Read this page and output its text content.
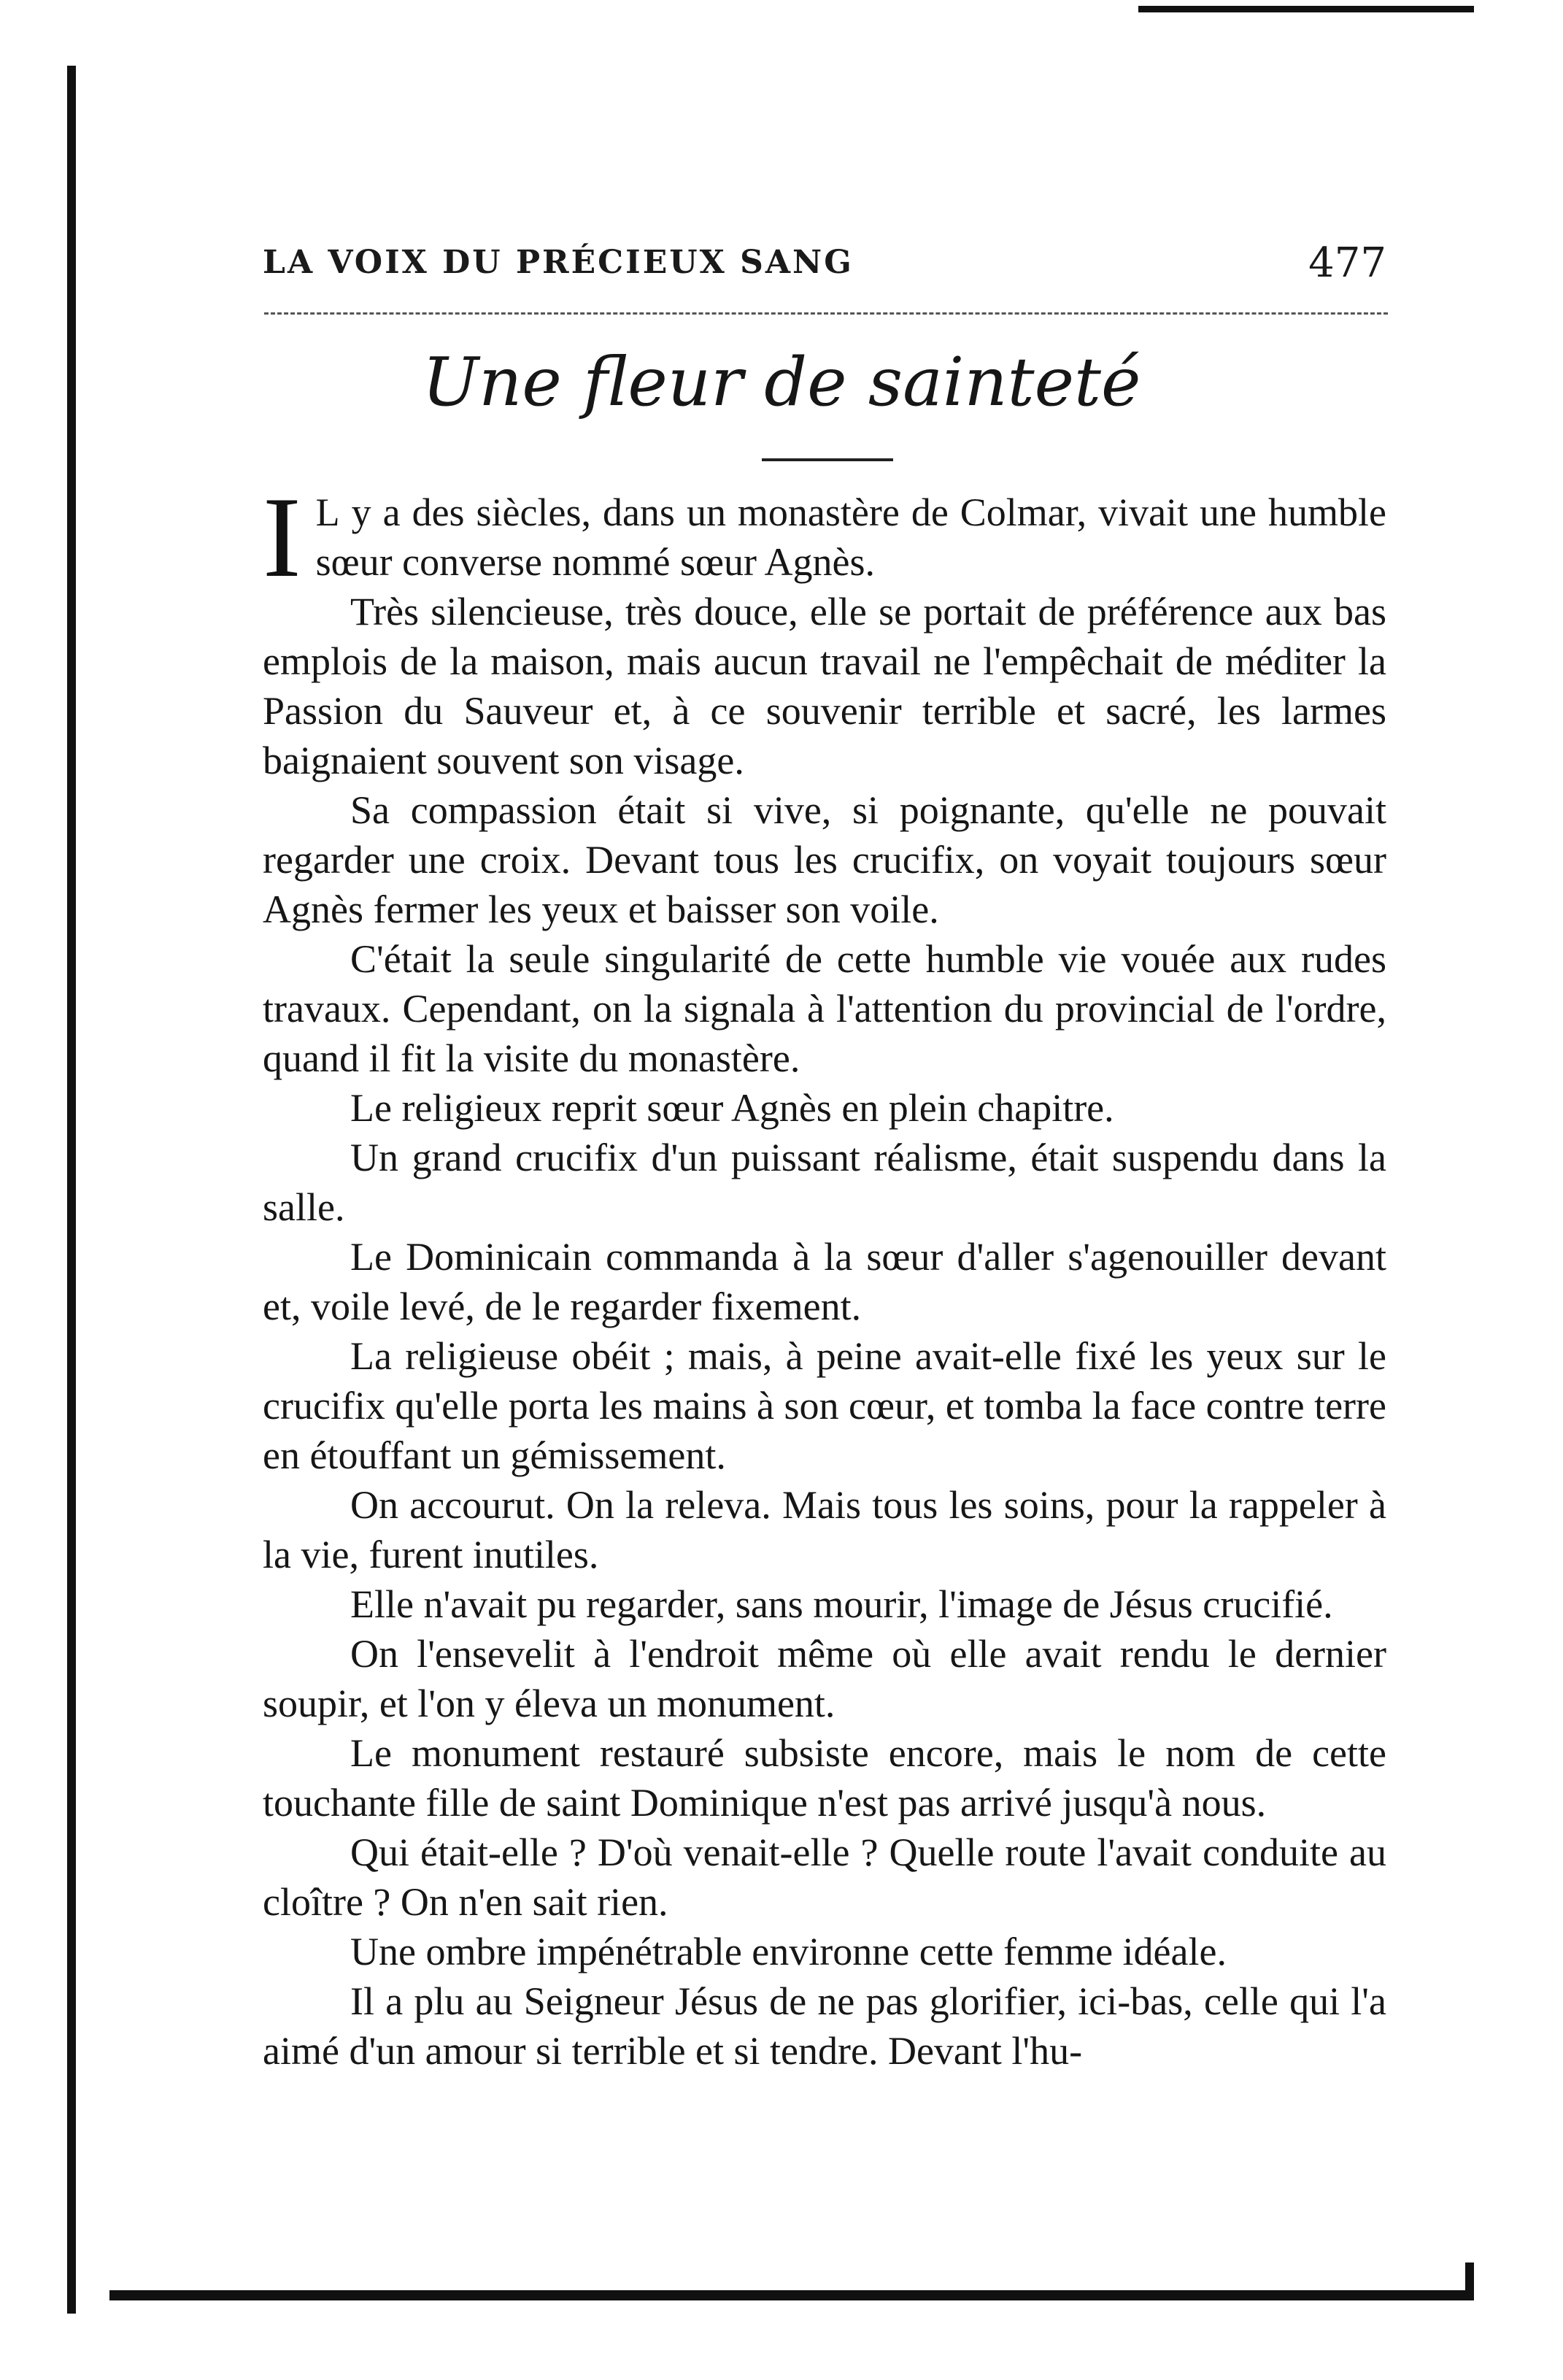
LA VOIX DU PRÉCIEUX SANG	477
Une fleur de sainteté

I L y a des siècles, dans un monastère de Colmar, vivait une humble sœur converse nommé sœur Agnès.

Très silencieuse, très douce, elle se portait de préférence aux bas emplois de la maison, mais aucun travail ne l'empêchait de méditer la Passion du Sauveur et, à ce souvenir terrible et sacré, les larmes baignaient souvent son visage.

Sa compassion était si vive, si poignante, qu'elle ne pouvait regarder une croix. Devant tous les crucifix, on voyait toujours sœur Agnès fermer les yeux et baisser son voile.

C'était la seule singularité de cette humble vie vouée aux rudes travaux. Cependant, on la signala à l'attention du provincial de l'ordre, quand il fit la visite du monastère.

Le religieux reprit sœur Agnès en plein chapitre.

Un grand crucifix d'un puissant réalisme, était suspendu dans la salle.

Le Dominicain commanda à la sœur d'aller s'agenouiller devant et, voile levé, de le regarder fixement.

La religieuse obéit ; mais, à peine avait-elle fixé les yeux sur le crucifix qu'elle porta les mains à son cœur, et tomba la face contre terre en étouffant un gémissement.

On accourut. On la releva. Mais tous les soins, pour la rappeler à la vie, furent inutiles.

Elle n'avait pu regarder, sans mourir, l'image de Jésus crucifié.

On l'ensevelit à l'endroit même où elle avait rendu le dernier soupir, et l'on y éleva un monument.

Le monument restauré subsiste encore, mais le nom de cette touchante fille de saint Dominique n'est pas arrivé jusqu'à nous.

Qui était-elle ? D'où venait-elle ? Quelle route l'avait conduite au cloître ? On n'en sait rien.

Une ombre impénétrable environne cette femme idéale.

Il a plu au Seigneur Jésus de ne pas glorifier, ici-bas, celle qui l'a aimé d'un amour si terrible et si tendre. Devant l'hu-
